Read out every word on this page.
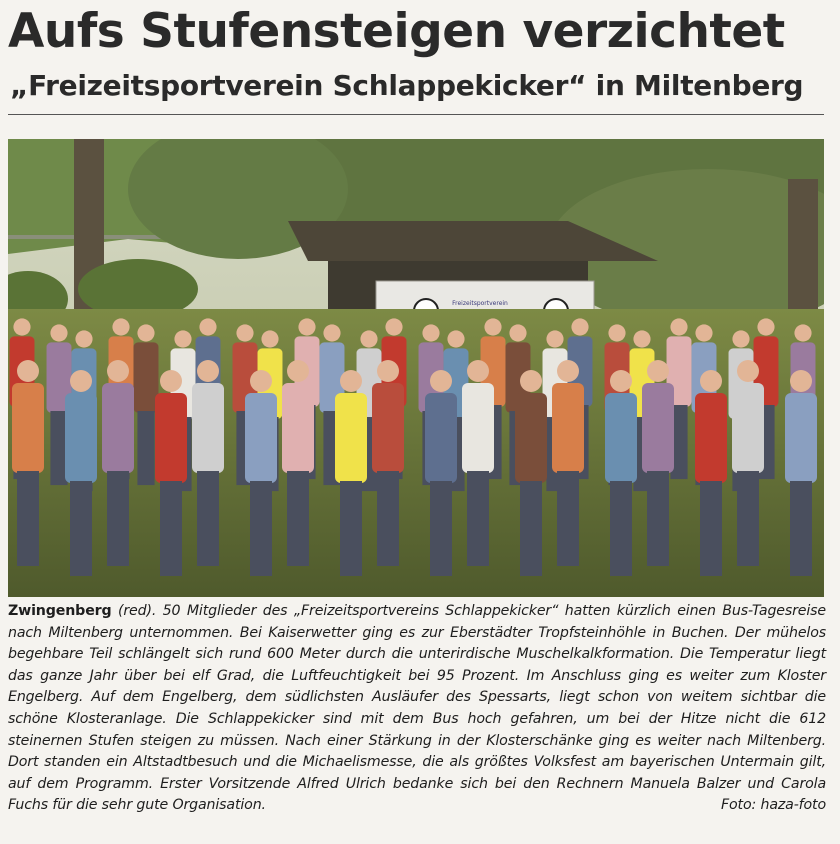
Aufs Stufensteigen verzichtet
„Freizeitsportverein Schlappekicker“ in Miltenberg
Freizeitsportverein

Zwingenberg (red). 50 Mitglieder des „Freizeitsportvereins Schlappekicker“ hatten kürzlich einen Bus-Tagesreise nach Miltenberg unternommen. Bei Kaiserwetter ging es zur Eberstädter Tropfsteinhöhle in Buchen. Der mühelos begehbare Teil schlängelt sich rund 600 Meter durch die unterirdische Muschelkalkformation. Die Temperatur liegt das ganze Jahr über bei elf Grad, die Luftfeuchtigkeit bei 95 Prozent. Im Anschluss ging es weiter zum Kloster Engelberg. Auf dem Engelberg, dem südlichsten Ausläufer des Spessarts, liegt schon von weitem sichtbar die schöne Klosteranlage. Die Schlappekicker sind mit dem Bus hoch gefahren, um bei der Hitze nicht die 612 steinernen Stufen steigen zu müssen. Nach einer Stärkung in der Klosterschänke ging es weiter nach Miltenberg. Dort standen ein Altstadtbesuch und die Michaelismesse, die als größtes Volksfest am bayerischen Untermain gilt, auf dem Programm. Erster Vorsitzende Alfred Ulrich bedanke sich bei den Rechnern Manuela Balzer und Carola Fuchs für die sehr gute Organisation.	Foto: haza-foto
